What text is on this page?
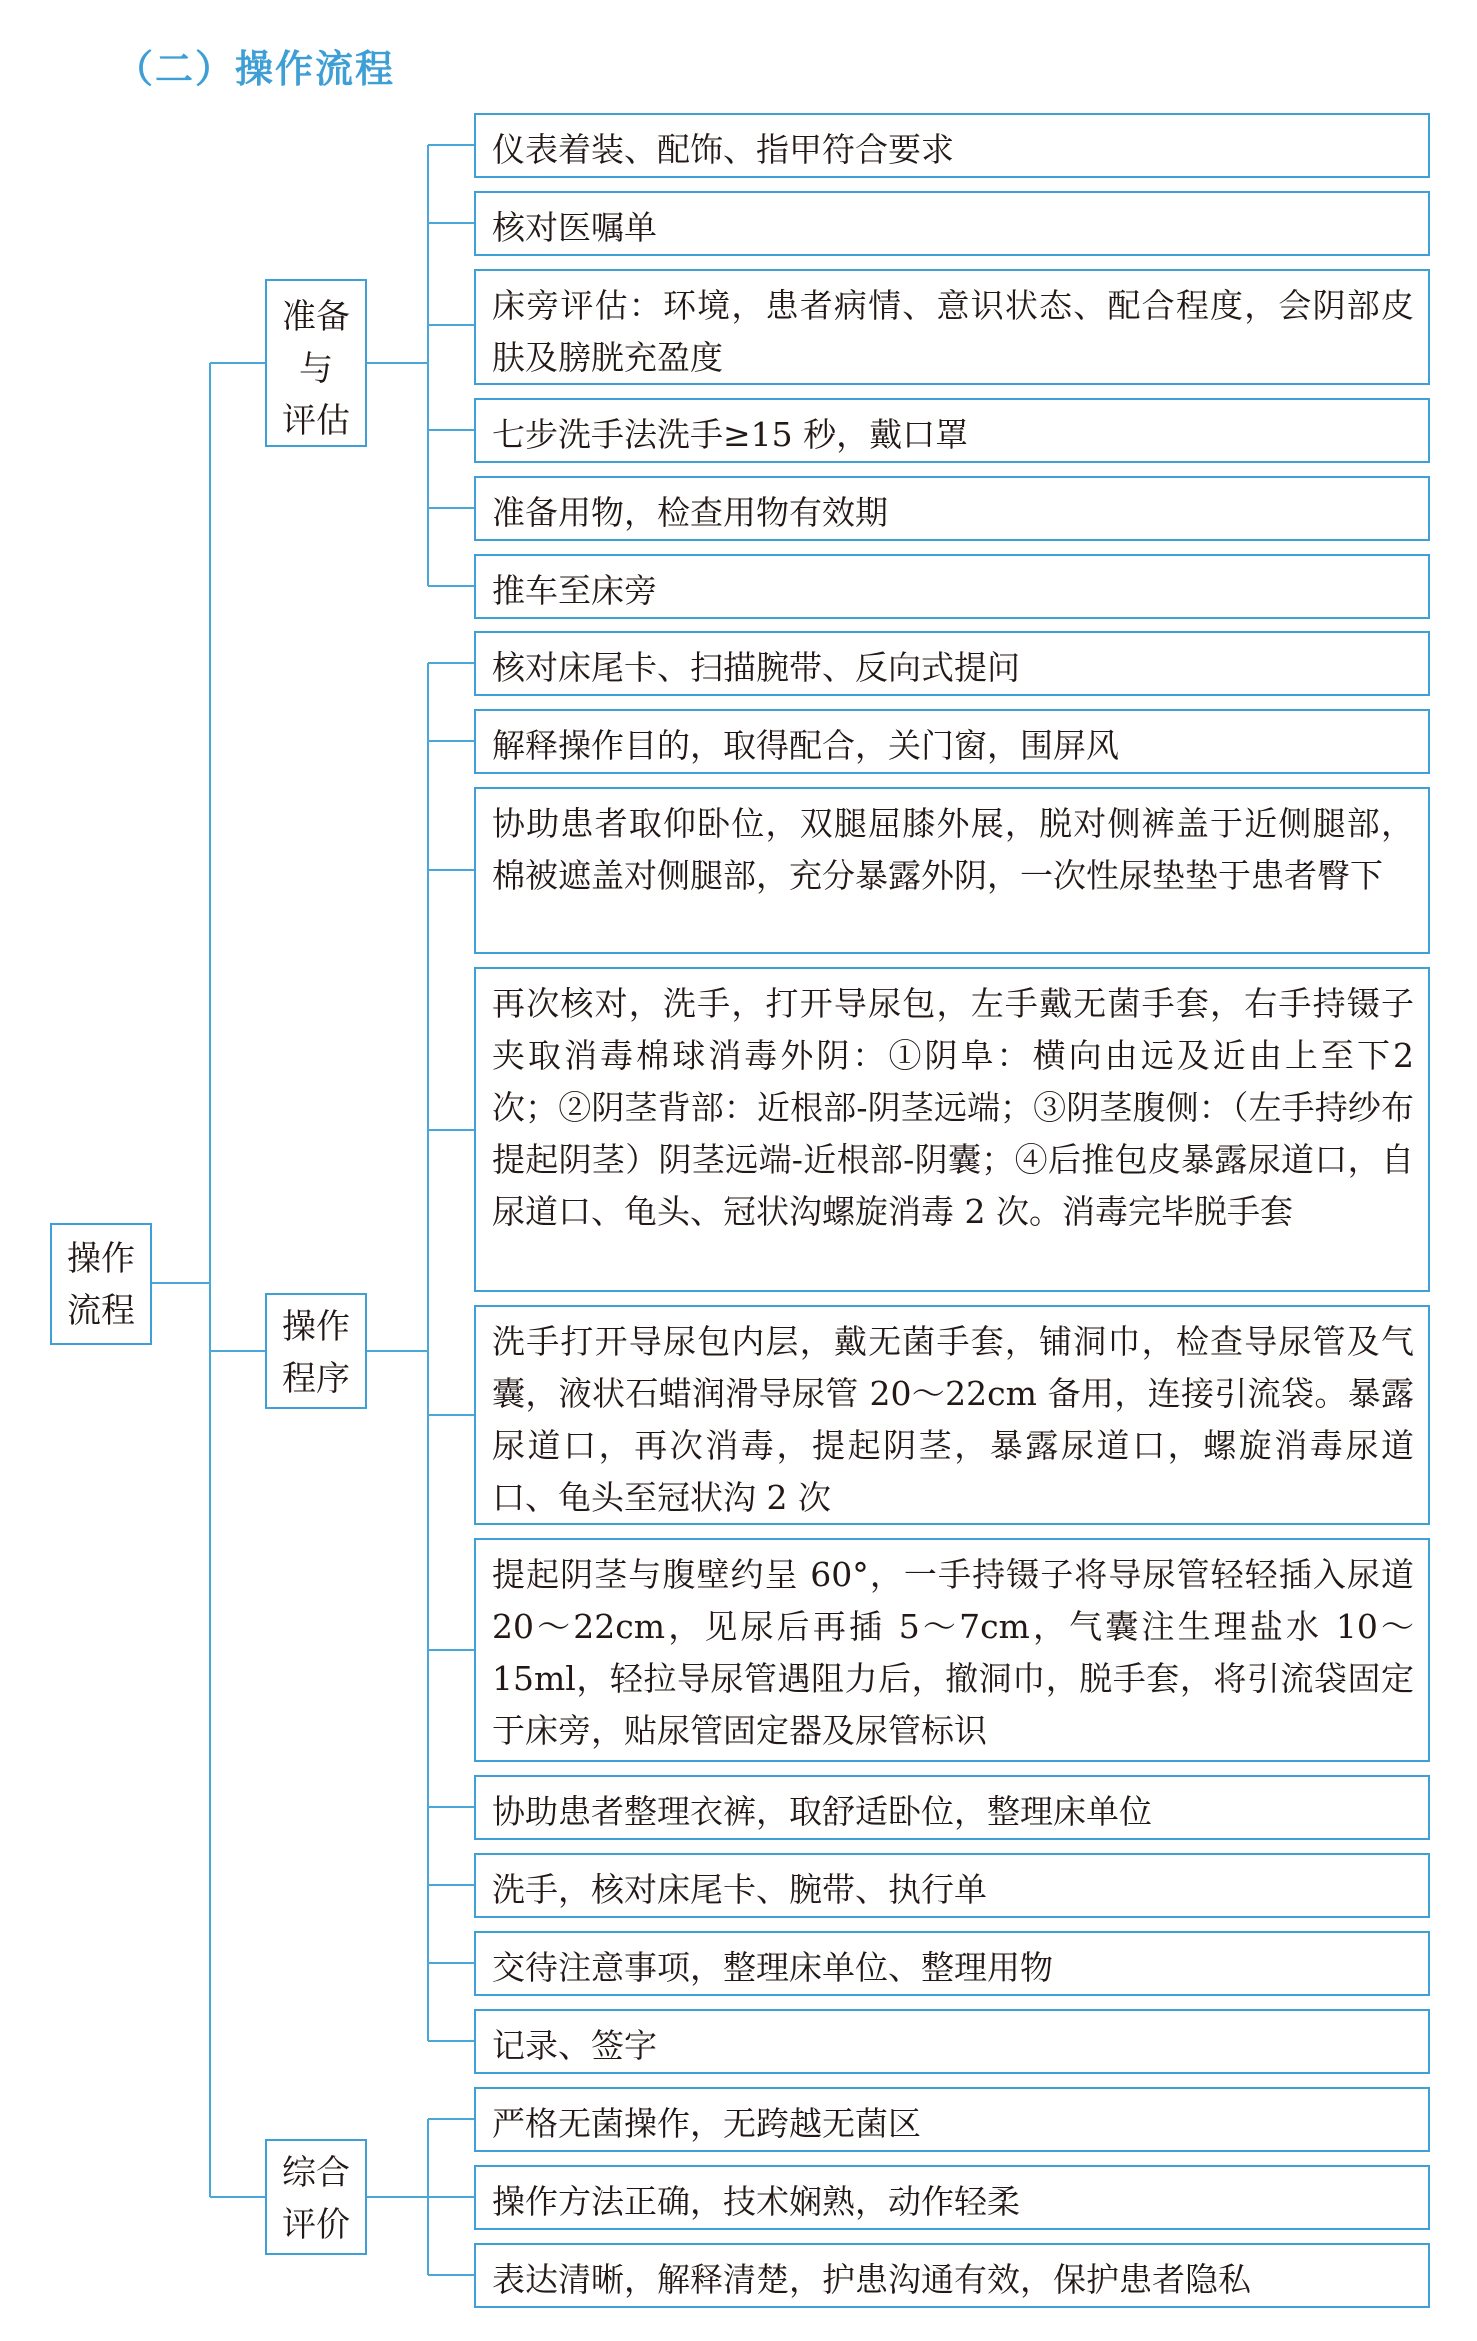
（二）操作流程
操作
流程
准备
与
评估
操作
程序
综合
评价
仪表着装、配饰、指甲符合要求
核对医嘱单
床旁评估：环境，患者病情、意识状态、配合程度，会阴部皮肤及膀胱充盈度
七步洗手法洗手≥15 秒，戴口罩
准备用物，检查用物有效期
推车至床旁
核对床尾卡、扫描腕带、反向式提问
解释操作目的，取得配合，关门窗，围屏风
协助患者取仰卧位，双腿屈膝外展，脱对侧裤盖于近侧腿部，棉被遮盖对侧腿部，充分暴露外阴，一次性尿垫垫于患者臀下
再次核对，洗手，打开导尿包，左手戴无菌手套，右手持镊子夹取消毒棉球消毒外阴：①阴阜：横向由远及近由上至下2 次；②阴茎背部：近根部-阴茎远端；③阴茎腹侧：（左手持纱布提起阴茎）阴茎远端-近根部-阴囊；④后推包皮暴露尿道口，自尿道口、龟头、冠状沟螺旋消毒 2 次。消毒完毕脱手套
洗手打开导尿包内层，戴无菌手套，铺洞巾，检查导尿管及气囊，液状石蜡润滑导尿管 20～22cm 备用，连接引流袋。暴露尿道口，再次消毒，提起阴茎，暴露尿道口，螺旋消毒尿道口、龟头至冠状沟 2 次
提起阴茎与腹壁约呈 60°，一手持镊子将导尿管轻轻插入尿道 20～22cm，见尿后再插 5～7cm，气囊注生理盐水 10～15ml，轻拉导尿管遇阻力后，撤洞巾，脱手套，将引流袋固定于床旁，贴尿管固定器及尿管标识
协助患者整理衣裤，取舒适卧位，整理床单位
洗手，核对床尾卡、腕带、执行单
交待注意事项，整理床单位、整理用物
记录、签字
严格无菌操作，无跨越无菌区
操作方法正确，技术娴熟，动作轻柔
表达清晰，解释清楚，护患沟通有效，保护患者隐私
